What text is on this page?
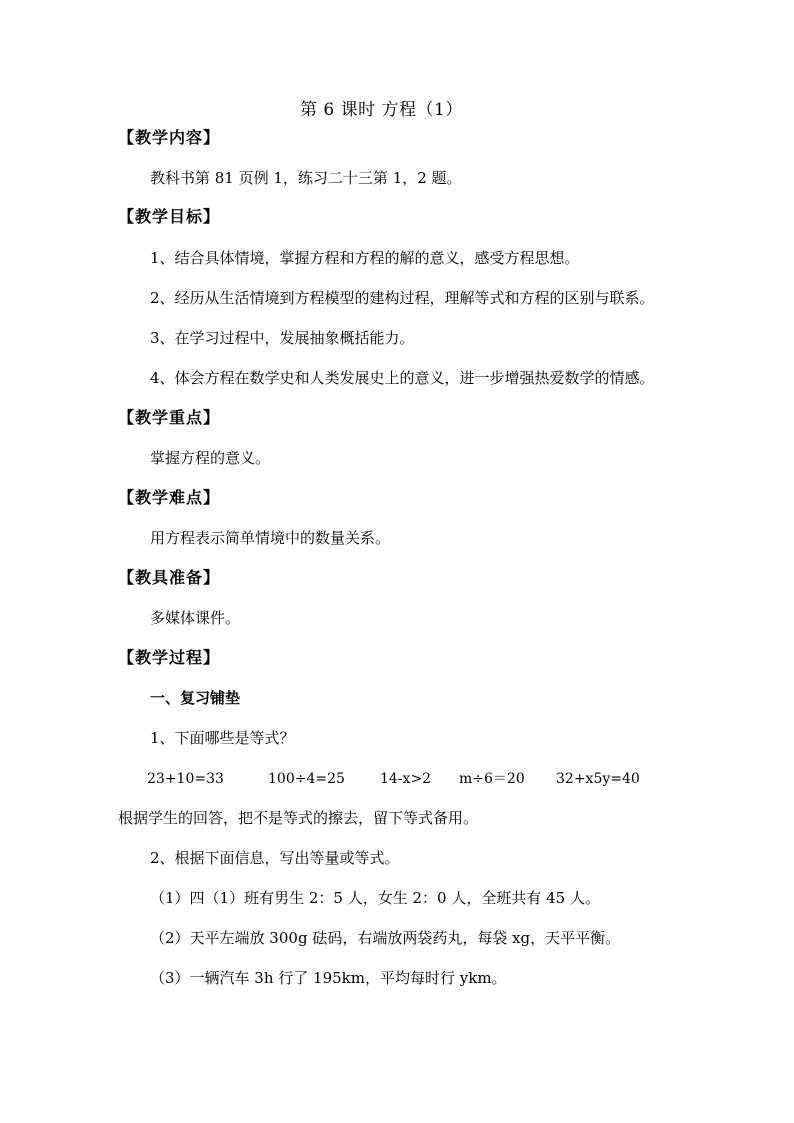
第 6 课时 方程（1）
【教学内容】
教科书第 81 页例 1，练习二十三第 1，2 题。
【教学目标】
1、结合具体情境，掌握方程和方程的解的意义，感受方程思想。
2、经历从生活情境到方程模型的建构过程，理解等式和方程的区别与联系。
3、在学习过程中，发展抽象概括能力。
4、体会方程在数学史和人类发展史上的意义，进一步增强热爱数学的情感。
【教学重点】
掌握方程的意义。
【教学难点】
用方程表示简单情境中的数量关系。
【教具准备】
多媒体课件。
【教学过程】
一、复习铺垫
1、下面哪些是等式？
23+10=33	100÷4=25	14-x>2 m÷6＝20 32+x5y=40
根据学生的回答，把不是等式的擦去，留下等式备用。
2、根据下面信息，写出等量或等式。
（1）四（1）班有男生 2：5 人，女生 2：0 人，全班共有 45 人。
（2）天平左端放 300g 砝码，右端放两袋药丸，每袋 xg，天平平衡。
（3）一辆汽车 3h 行了 195km，平均每时行 ykm。
